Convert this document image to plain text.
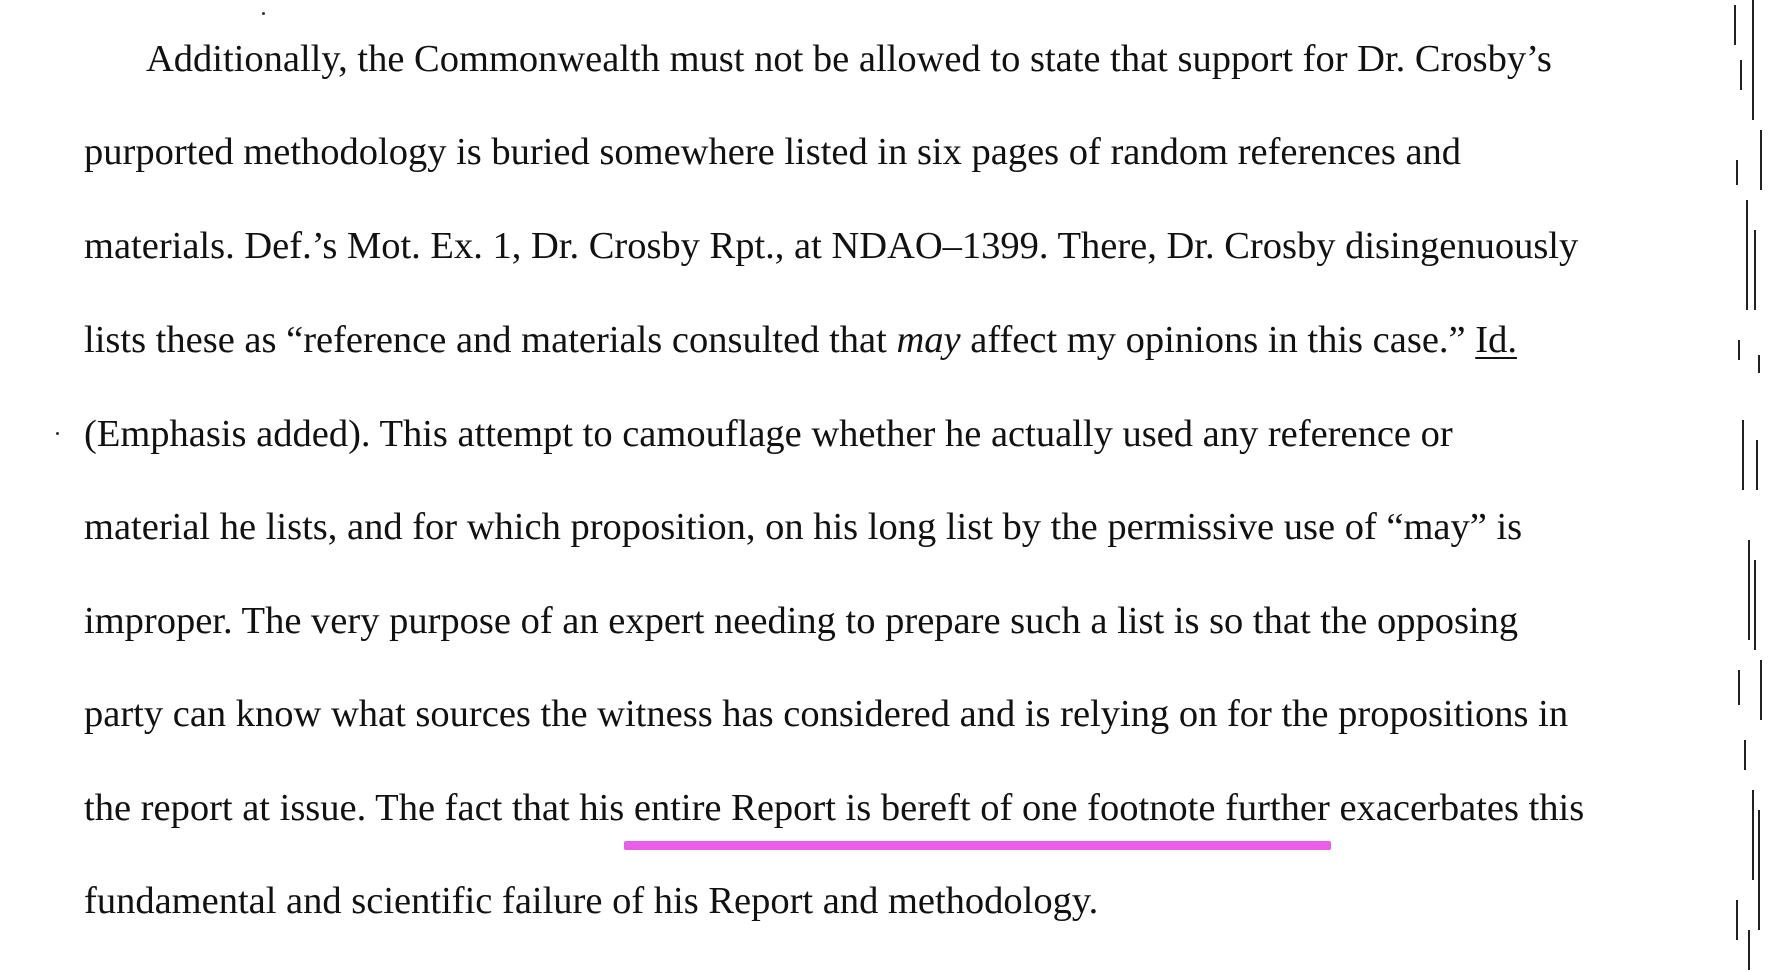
Additionally, the Commonwealth must not be allowed to state that support for Dr. Crosby’s
purported methodology is buried somewhere listed in six pages of random references and
materials. Def.’s Mot. Ex. 1, Dr. Crosby Rpt., at NDAO–1399. There, Dr. Crosby disingenuously
lists these as “reference and materials consulted that may affect my opinions in this case.” Id.
(Emphasis added). This attempt to camouflage whether he actually used any reference or
material he lists, and for which proposition, on his long list by the permissive use of “may” is
improper. The very purpose of an expert needing to prepare such a list is so that the opposing
party can know what sources the witness has considered and is relying on for the propositions in
the report at issue. The fact that his entire Report is bereft of one footnote further exacerbates this
fundamental and scientific failure of his Report and methodology.
